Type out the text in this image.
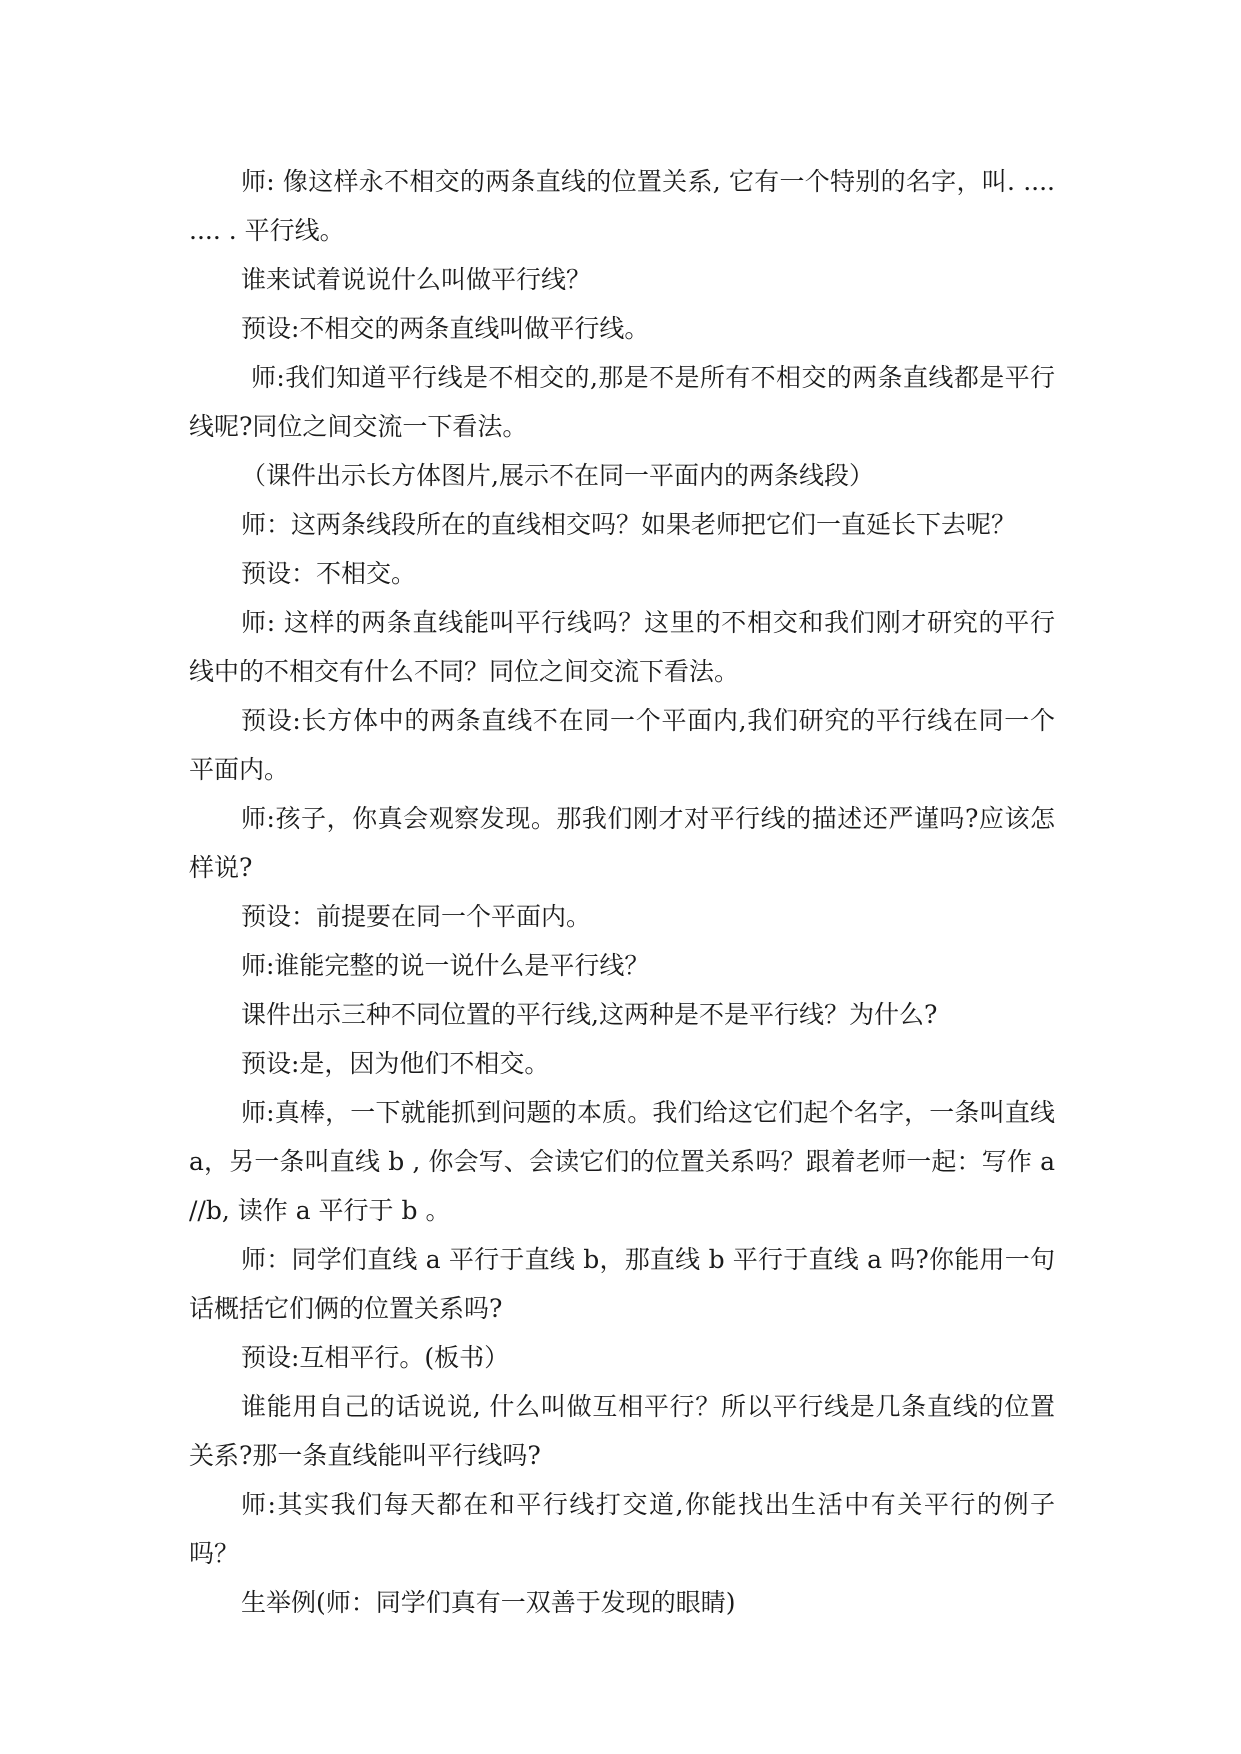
师: 像这样永不相交的两条直线的位置关系, 它有一个特别的名字，叫. .... .... . 平行线。

谁来试着说说什么叫做平行线？

预设:不相交的两条直线叫做平行线。

师:我们知道平行线是不相交的,那是不是所有不相交的两条直线都是平行线呢?同位之间交流一下看法。

（课件出示长方体图片,展示不在同一平面内的两条线段）

师：这两条线段所在的直线相交吗？如果老师把它们一直延长下去呢？

预设：不相交。

师: 这样的两条直线能叫平行线吗？这里的不相交和我们刚才研究的平行线中的不相交有什么不同？同位之间交流下看法。

预设:长方体中的两条直线不在同一个平面内,我们研究的平行线在同一个平面内。

师:孩子，你真会观察发现。那我们刚才对平行线的描述还严谨吗?应该怎样说?

预设：前提要在同一个平面内。

师:谁能完整的说一说什么是平行线？

课件出示三种不同位置的平行线,这两种是不是平行线？为什么?

预设:是，因为他们不相交。

师:真棒，一下就能抓到问题的本质。我们给这它们起个名字，一条叫直线 a，另一条叫直线 b , 你会写、会读它们的位置关系吗？跟着老师一起：写作 a //b, 读作 a 平行于 b 。

师：同学们直线 a 平行于直线 b，那直线 b 平行于直线 a 吗?你能用一句话概括它们俩的位置关系吗?

预设:互相平行。(板书）

谁能用自己的话说说, 什么叫做互相平行？所以平行线是几条直线的位置关系?那一条直线能叫平行线吗?

师:其实我们每天都在和平行线打交道,你能找出生活中有关平行的例子吗？

生举例(师：同学们真有一双善于发现的眼睛)
